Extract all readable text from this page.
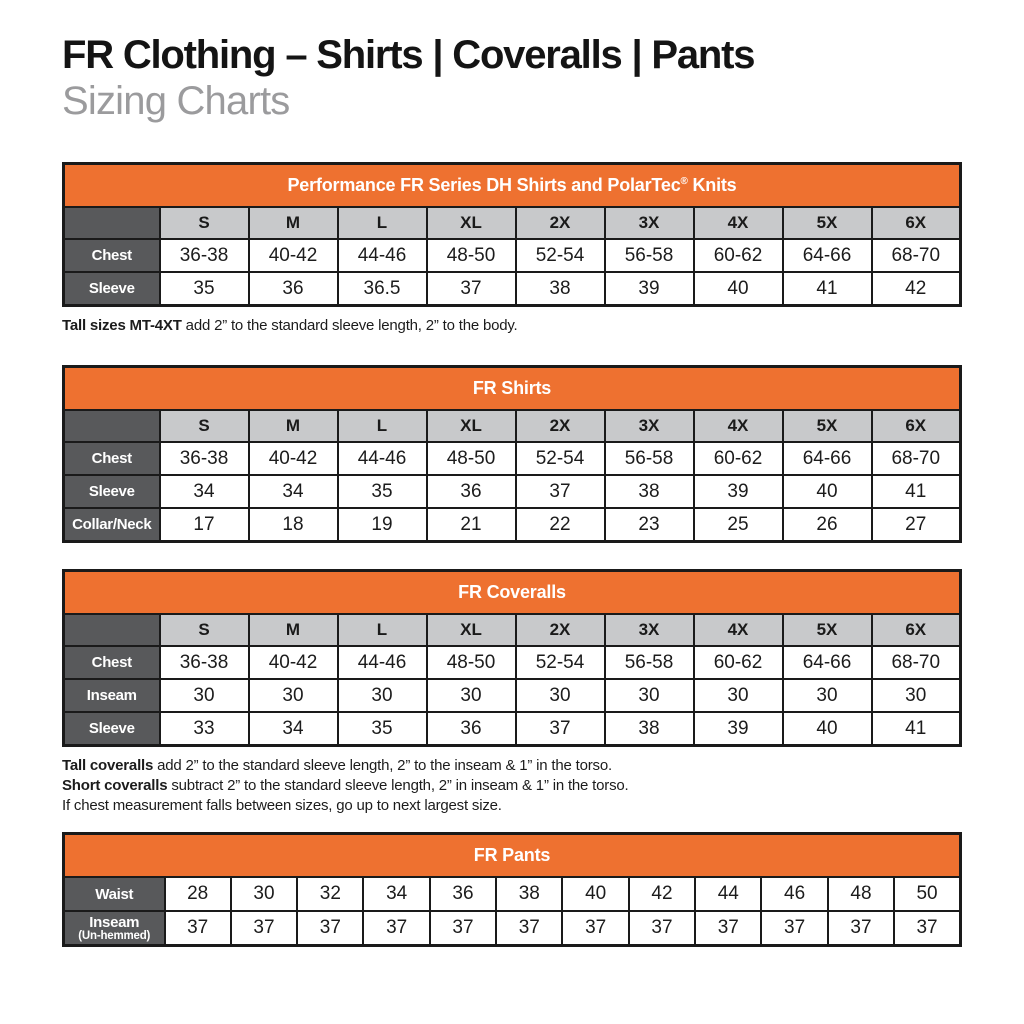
FR Clothing – Shirts | Coveralls | Pants
Sizing Charts
Performance FR Series DH Shirts and PolarTec® Knits									
	S	M	L	XL	2X	3X	4X	5X	6X
Chest	36-38	40-42	44-46	48-50	52-54	56-58	60-62	64-66	68-70
Sleeve	35	36	36.5	37	38	39	40	41	42

Tall sizes MT-4XT add 2” to the standard sleeve length, 2” to the body.

FR Shirts									
	S	M	L	XL	2X	3X	4X	5X	6X
Chest	36-38	40-42	44-46	48-50	52-54	56-58	60-62	64-66	68-70
Sleeve	34	34	35	36	37	38	39	40	41
Collar/Neck	17	18	19	21	22	23	25	26	27
FR Coveralls									
	S	M	L	XL	2X	3X	4X	5X	6X
Chest	36-38	40-42	44-46	48-50	52-54	56-58	60-62	64-66	68-70
Inseam	30	30	30	30	30	30	30	30	30
Sleeve	33	34	35	36	37	38	39	40	41

Tall coveralls add 2” to the standard sleeve length, 2” to the inseam & 1” in the torso.

Short coveralls subtract 2” to the standard sleeve length, 2” in inseam & 1” in the torso.

If chest measurement falls between sizes, go up to next largest size.

FR Pants												
Waist	28	30	32	34	36	38	40	42	44	46	48	50
Inseam
(Un-hemmed)	37	37	37	37	37	37	37	37	37	37	37	37
